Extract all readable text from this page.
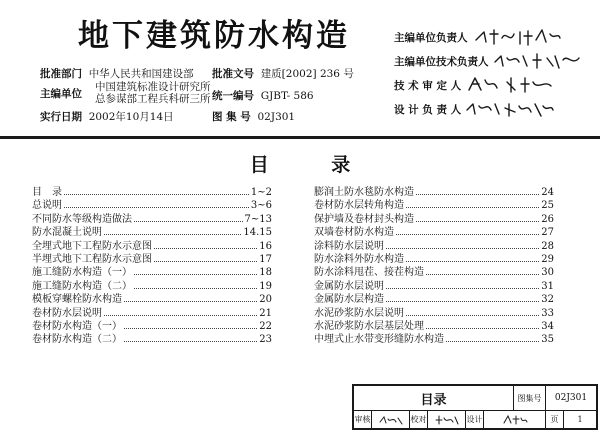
地下建筑防水构造
批准部门 中华人民共和国建设部
主编单位
中国建筑标准设计研究所
总参谋部工程兵科研三所
实行日期 2002年10月14日
批准文号 建质[2002] 236 号
统一编号 GJBT- 586
图 集 号 02J301
主编单位负责人
主编单位技术负责人
技 术 审 定 人
设 计 负 责 人
目 录
目　录	1~2
总说明	3~6
不同防水等级构造做法	7~13
防水混凝土说明	14.15
全埋式地下工程防水示意图	16
半埋式地下工程防水示意图	17
施工缝防水构造（一）	18
施工缝防水构造（二）	19
模板穿螺栓防水构造	20
卷材防水层说明	21
卷材防水构造（一）	22
卷材防水构造（二）	23
膨润土防水毯防水构造	24
卷材防水层转角构造	25
保护墙及卷材封头构造	26
双墙卷材防水构造	27
涂料防水层说明	28
防水涂料外防水构造	29
防水涂料甩茬、接茬构造	30
金属防水层说明	31
金属防水层构造	32
水泥砂浆防水层说明	33
水泥砂浆防水层基层处理	34
中埋式止水带变形缝防水构造	35
目录	图集号	02J301
审核	校对	设计	页	1
